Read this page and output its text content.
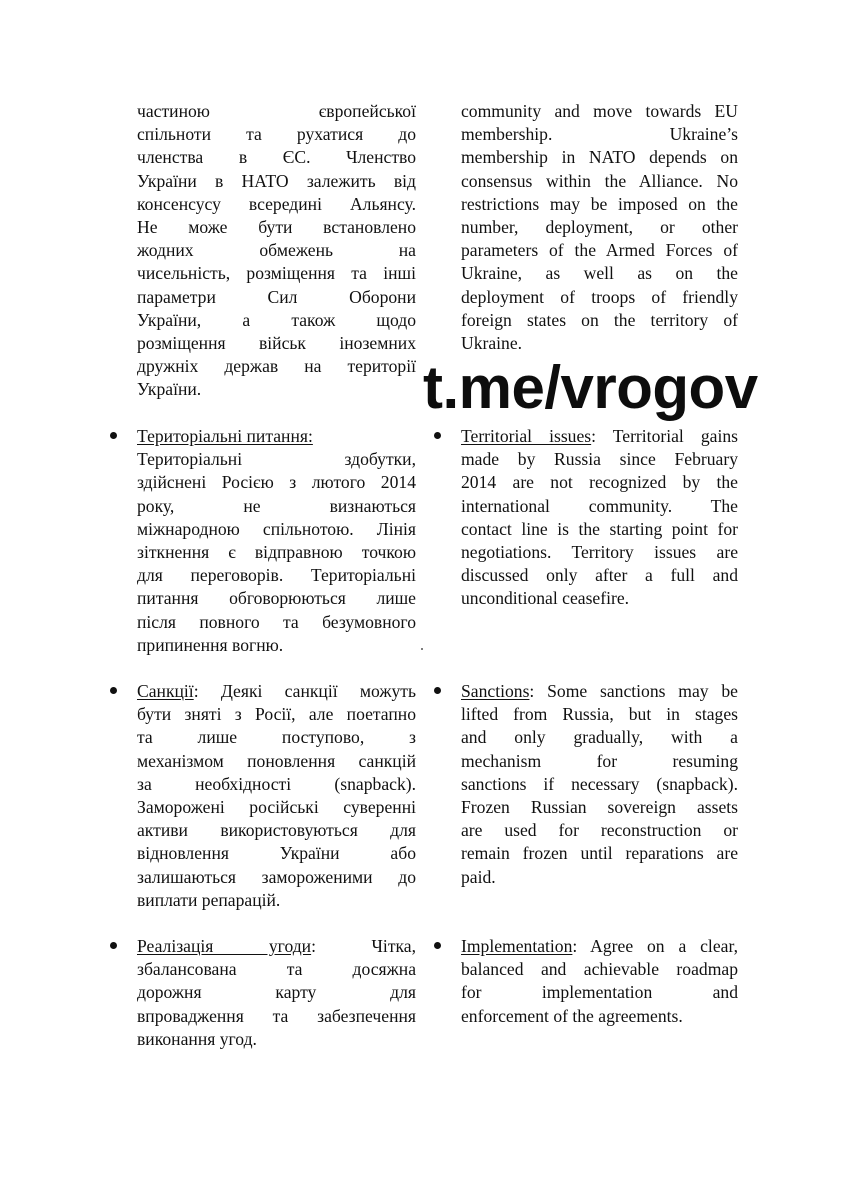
частиною європейської
спільноти та рухатися до
членства в ЄС. Членство
України в НАТО залежить від
консенсусу всередині Альянсу.
Не може бути встановлено
жодних обмежень на
чисельність, розміщення та інші
параметри Сил Оборони
України, а також щодо
розміщення військ іноземних
дружніх держав на території
України.
Територіальні питання:
Територіальні здобутки,
здійснені Росією з лютого 2014
року, не визнаються
міжнародною спільнотою. Лінія
зіткнення є відправною точкою
для переговорів. Територіальні
питання обговорюються лише
після повного та безумовного
припинення вогню.
Санкції: Деякі санкції можуть
бути зняті з Росії, але поетапно
та лише поступово, з
механізмом поновлення санкцій
за необхідності (snapback).
Заморожені російські суверенні
активи використовуються для
відновлення України або
залишаються замороженими до
виплати репарацій.
Реалізація угоди: Чітка,
збалансована та досяжна
дорожня карту для
впровадження та забезпечення
виконання угод.
community and move towards EU
membership. Ukraine’s
membership in NATO depends on
consensus within the Alliance. No
restrictions may be imposed on the
number, deployment, or other
parameters of the Armed Forces of
Ukraine, as well as on the
deployment of troops of friendly
foreign states on the territory of
Ukraine.
Territorial issues: Territorial gains
made by Russia since February
2014 are not recognized by the
international community. The
contact line is the starting point for
negotiations. Territory issues are
discussed only after a full and
unconditional ceasefire.
Sanctions: Some sanctions may be
lifted from Russia, but in stages
and only gradually, with a
mechanism for resuming
sanctions if necessary (snapback).
Frozen Russian sovereign assets
are used for reconstruction or
remain frozen until reparations are
paid.
Implementation: Agree on a clear,
balanced and achievable roadmap
for implementation and
enforcement of the agreements.
t.me/vrogov
